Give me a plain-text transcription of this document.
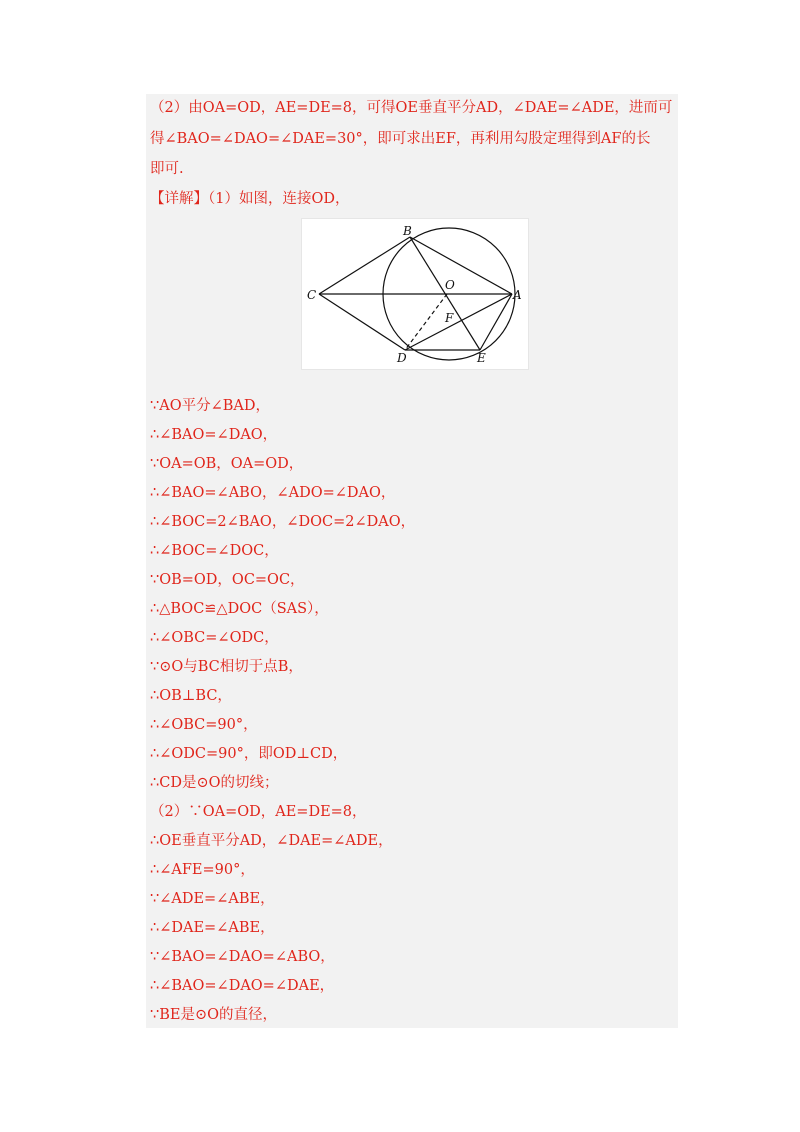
（2）由OA=OD，AE=DE=8，可得OE垂直平分AD，∠DAE=∠ADE，进而可
得∠BAO=∠DAO=∠DAE=30°，即可求出EF，再利用勾股定理得到AF的长
即可.
【详解】（1）如图，连接OD，
B
C
O
A
F
D	E
∵AO平分∠BAD，
∴∠BAO=∠DAO，
∵OA=OB，OA=OD，
∴∠BAO=∠ABO，∠ADO=∠DAO，
∴∠BOC=2∠BAO，∠DOC=2∠DAO，
∴∠BOC=∠DOC，
∵OB=OD，OC=OC，
∴△BOC≌△DOC（SAS），
∴∠OBC=∠ODC，
∵⊙O与BC相切于点B，
∴OB⊥BC，
∴∠OBC=90°，
∴∠ODC=90°，即OD⊥CD，
∴CD是⊙O的切线；
（2）∵OA=OD，AE=DE=8，
∴OE垂直平分AD，∠DAE=∠ADE，
∴∠AFE=90°，
∵∠ADE=∠ABE，
∴∠DAE=∠ABE，
∵∠BAO=∠DAO=∠ABO，
∴∠BAO=∠DAO=∠DAE，
∵BE是⊙O的直径，
